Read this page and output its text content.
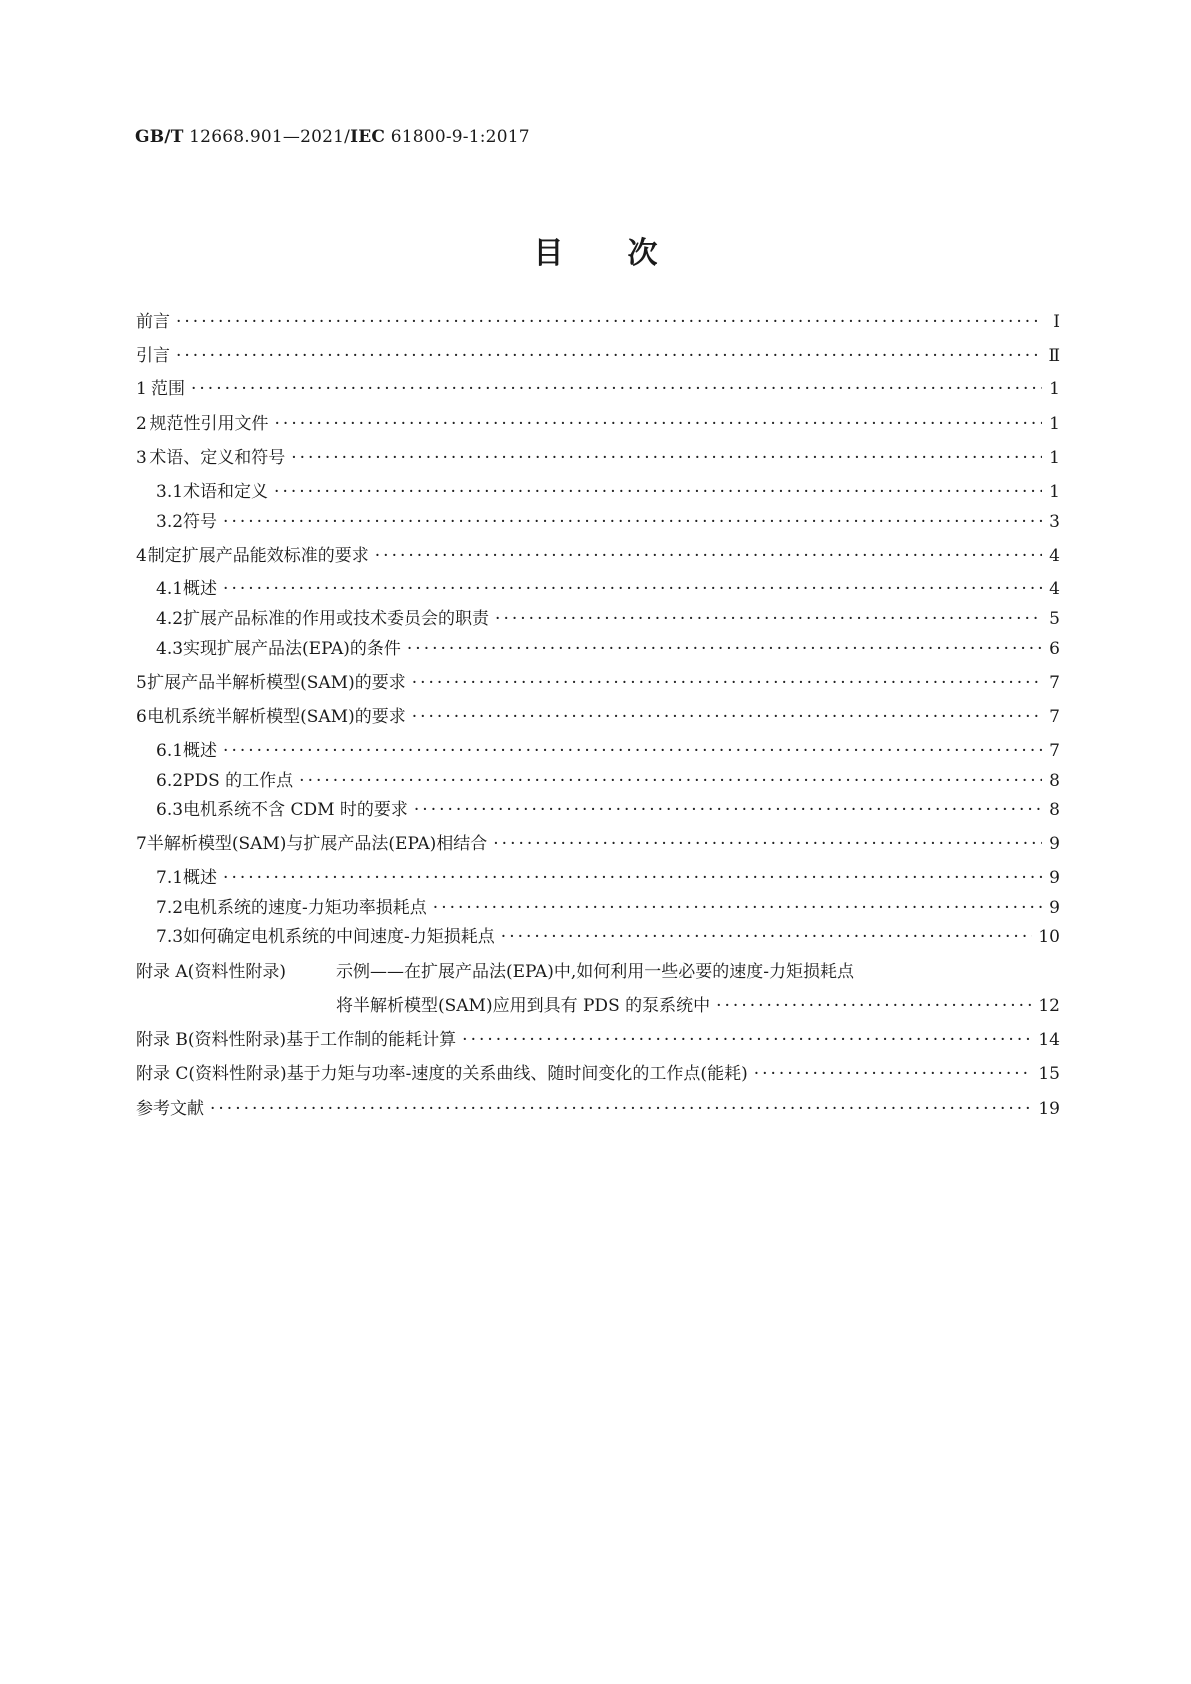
GB/T 12668.901—2021/IEC 61800-9-1:2017
目 次
前言 ·····	Ⅰ
引言 ·····	Ⅱ
1 范围 ·····	1
2 规范性引用文件 ·····	1
3 术语、定义和符号 ·····	1
3.1 术语和定义 ·····	1
3.2 符号 ·····	3
4 制定扩展产品能效标准的要求 ·····	4
4.1 概述 ·····	4
4.2 扩展产品标准的作用或技术委员会的职责 ·····	5
4.3 实现扩展产品法(EPA)的条件 ·····	6
5 扩展产品半解析模型(SAM)的要求 ·····	7
6 电机系统半解析模型(SAM)的要求 ·····	7
6.1 概述 ·····	7
6.2 PDS 的工作点 ·····	8
6.3 电机系统不含 CDM 时的要求 ·····	8
7 半解析模型(SAM)与扩展产品法(EPA)相结合 ·····	9
7.1 概述 ·····	9
7.2 电机系统的速度-力矩功率损耗点 ·····	9
7.3 如何确定电机系统的中间速度-力矩损耗点 ·····	10
附录 A(资料性附录)	示例——在扩展产品法(EPA)中,如何利用一些必要的速度-力矩损耗点
将半解析模型(SAM)应用到具有 PDS 的泵系统中 ·····	12
附录 B(资料性附录) 基于工作制的能耗计算 ·····	14
附录 C(资料性附录) 基于力矩与功率-速度的关系曲线、随时间变化的工作点(能耗) ·····	15
参考文献 ·····	19
